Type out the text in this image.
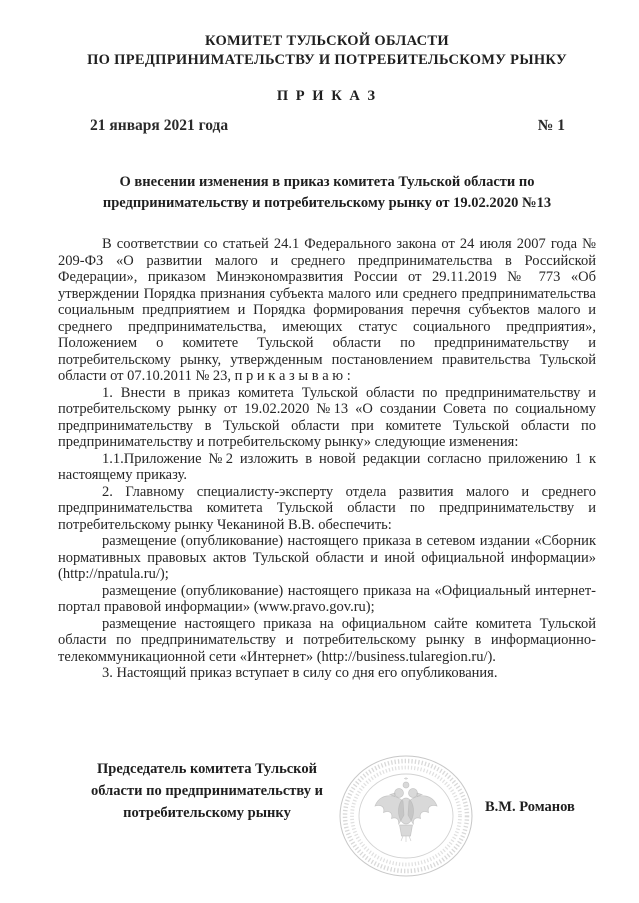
КОМИТЕТ ТУЛЬСКОЙ ОБЛАСТИ
ПО ПРЕДПРИНИМАТЕЛЬСТВУ И ПОТРЕБИТЕЛЬСКОМУ РЫНКУ
П Р И К А З
21 января 2021 года	№ 1
О внесении изменения в приказ комитета Тульской области по предпринимательству и потребительскому рынку от 19.02.2020 №13

В соответствии со статьей 24.1 Федерального закона от 24 июля 2007 года № 209-ФЗ «О развитии малого и среднего предпринимательства в Российской Федерации», приказом Минэкономразвития России от 29.11.2019 № 773 «Об утверждении Порядка признания субъекта малого или среднего предпринимательства социальным предприятием и Порядка формирования перечня субъектов малого и среднего предпринимательства, имеющих статус социального предприятия», Положением о комитете Тульской области по предпринимательству и потребительскому рынку, утвержденным постановлением правительства Тульской области от 07.10.2011 № 23, п р и к а з ы в а ю :

1. Внести в приказ комитета Тульской области по предпринимательству и потребительскому рынку от 19.02.2020 №13 «О создании Совета по социальному предпринимательству в Тульской области при комитете Тульской области по предпринимательству и потребительскому рынку» следующие изменения:

1.1.Приложение №2 изложить в новой редакции согласно приложению 1 к настоящему приказу.

2. Главному специалисту-эксперту отдела развития малого и среднего предпринимательства комитета Тульской области по предпринимательству и потребительскому рынку Чеканиной В.В. обеспечить:

размещение (опубликование) настоящего приказа в сетевом издании «Сборник нормативных правовых актов Тульской области и иной официальной информации» (http://npatula.ru/);

размещение (опубликование) настоящего приказа на «Официальный интернет-портал правовой информации» (www.pravo.gov.ru);

размещение настоящего приказа на официальном сайте комитета Тульской области по предпринимательству и потребительскому рынку в информационно-телекоммуникационной сети «Интернет» (http://business.tularegion.ru/).

3. Настоящий приказ вступает в силу со дня его опубликования.

Председатель комитета Тульской области по предпринимательству и потребительскому рынку	В.М. Романов
